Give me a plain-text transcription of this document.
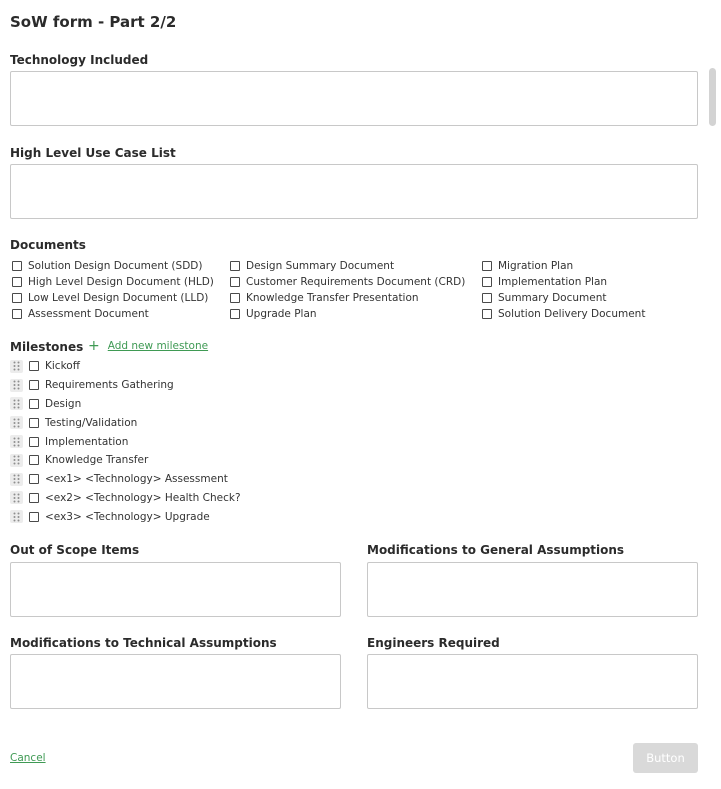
SoW form - Part 2/2
Technology Included
High Level Use Case List
Documents
Solution Design Document (SDD)
High Level Design Document (HLD)
Low Level Design Document (LLD)
Assessment Document
Design Summary Document
Customer Requirements Document (CRD)
Knowledge Transfer Presentation
Upgrade Plan
Migration Plan
Implementation Plan
Summary Document
Solution Delivery Document
Milestones + Add new milestone
Kickoff
Requirements Gathering
Design
Testing/Validation
Implementation
Knowledge Transfer
<ex1> <Technology> Assessment
<ex2> <Technology> Health Check?
<ex3> <Technology> Upgrade
Out of Scope Items	Modifications to General Assumptions
Modifications to Technical Assumptions	Engineers Required
Cancel	Button
